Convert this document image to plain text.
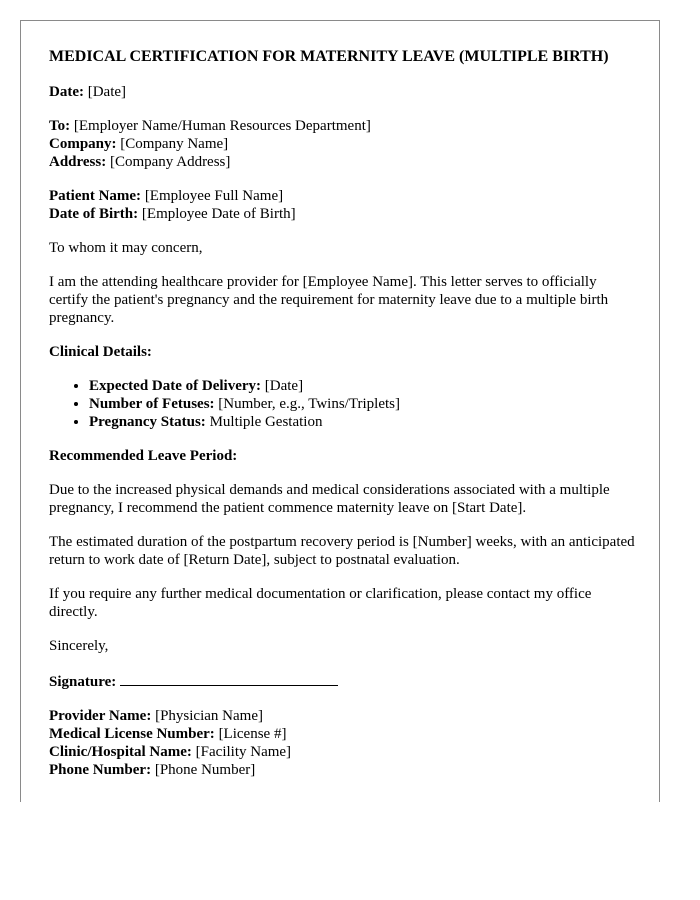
MEDICAL CERTIFICATION FOR MATERNITY LEAVE (MULTIPLE BIRTH)
Date: [Date]
To: [Employer Name/Human Resources Department]
Company: [Company Name]
Address: [Company Address]
Patient Name: [Employee Full Name]
Date of Birth: [Employee Date of Birth]

To whom it may concern,

I am the attending healthcare provider for [Employee Name]. This letter serves to officially certify the patient's pregnancy and the requirement for maternity leave due to a multiple birth pregnancy.

Clinical Details:
• Expected Date of Delivery: [Date]
• Number of Fetuses: [Number, e.g., Twins/Triplets]
• Pregnancy Status: Multiple Gestation
Recommended Leave Period:

Due to the increased physical demands and medical considerations associated with a multiple pregnancy, I recommend the patient commence maternity leave on [Start Date].

The estimated duration of the postpartum recovery period is [Number] weeks, with an anticipated return to work date of [Return Date], subject to postnatal evaluation.

If you require any further medical documentation or clarification, please contact my office directly.

Sincerely,

Signature:
Provider Name: [Physician Name]
Medical License Number: [License #]
Clinic/Hospital Name: [Facility Name]
Phone Number: [Phone Number]
